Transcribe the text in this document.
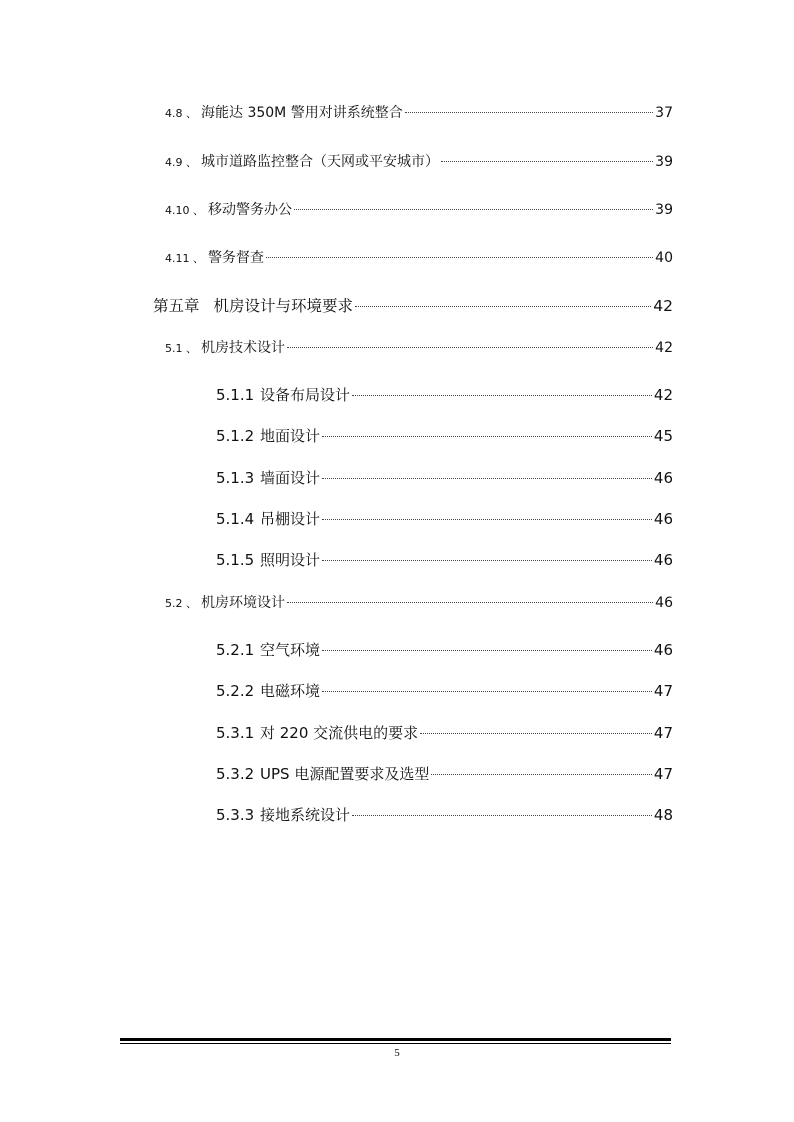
4.8 、 海能达 350M 警用对讲系统整合	37
4.9 、 城市道路监控整合（天网或平安城市）	39
4.10 、 移动警务办公	39
4.11 、 警务督查	40
第五章 机房设计与环境要求	42
5.1 、 机房技术设计	42
5.1.1 设备布局设计	42
5.1.2 地面设计	45
5.1.3 墙面设计	46
5.1.4 吊棚设计	46
5.1.5 照明设计	46
5.2 、 机房环境设计	46
5.2.1 空气环境	46
5.2.2 电磁环境	47
5.3.1 对 220 交流供电的要求	47
5.3.2 UPS 电源配置要求及选型	47
5.3.3 接地系统设计	48
5
